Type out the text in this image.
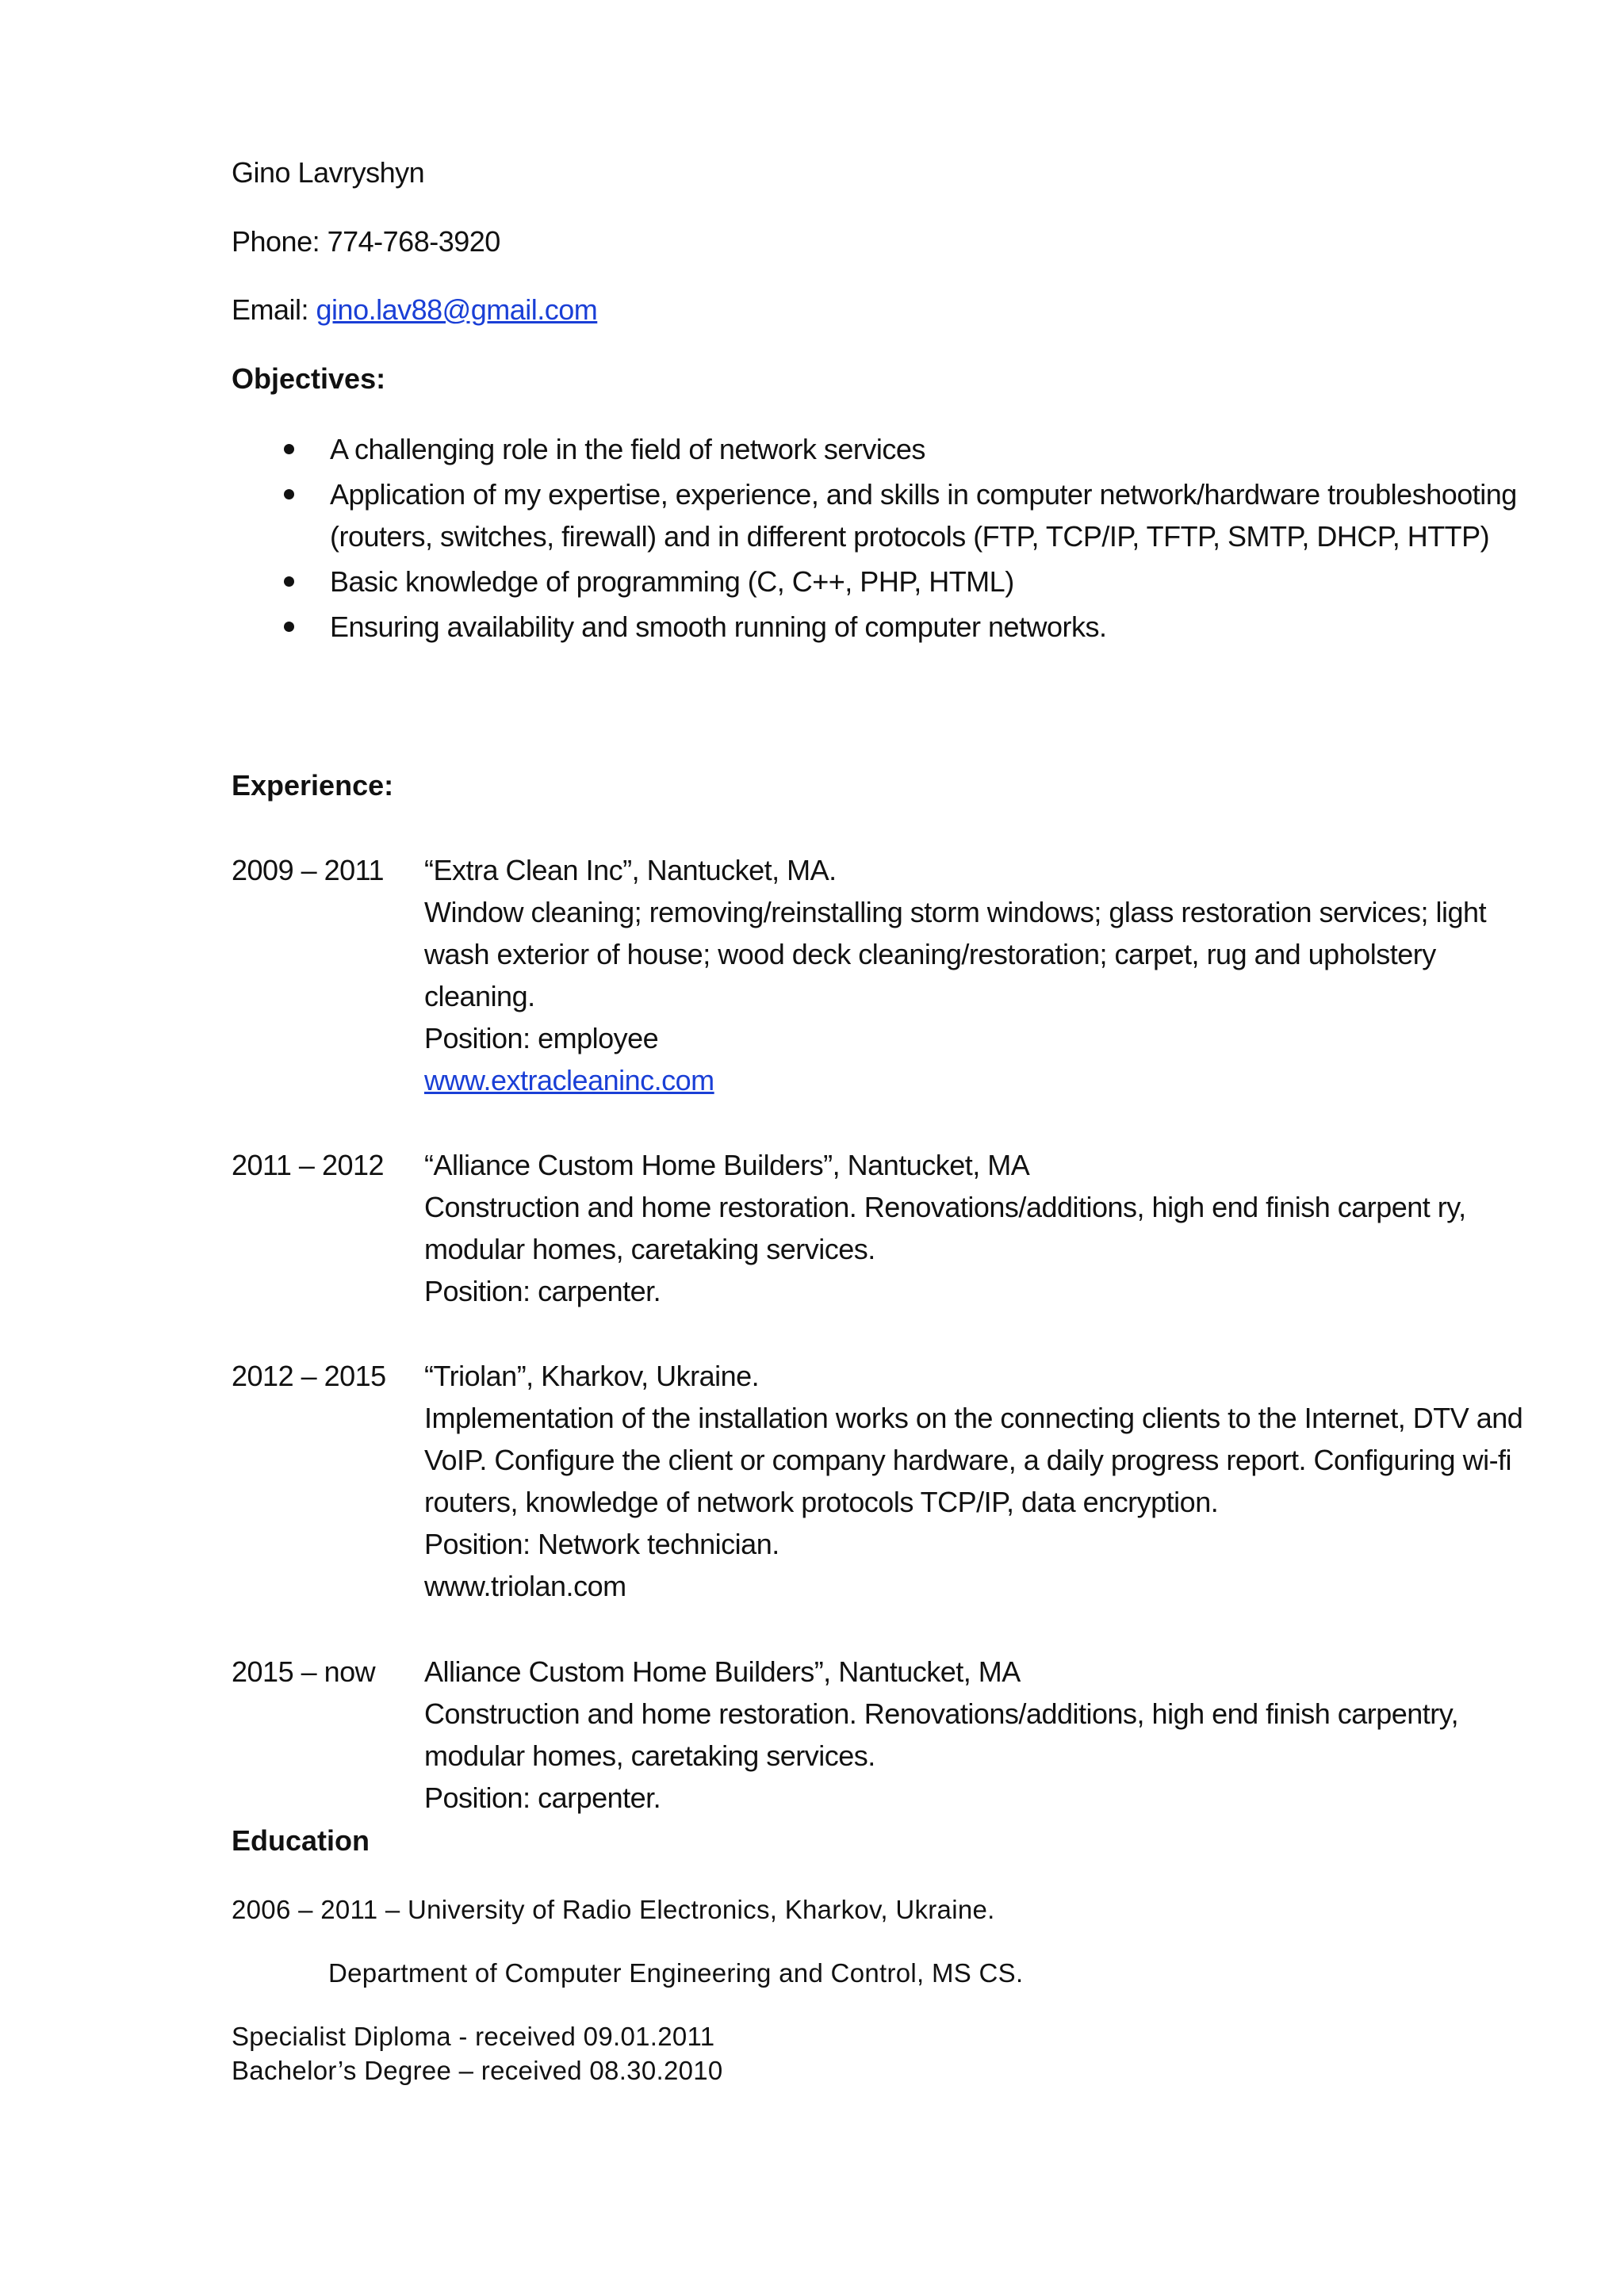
Gino Lavryshyn
Phone: 774-768-3920
Email: gino.lav88@gmail.com
Objectives:
A challenging role in the field of network services
Application of my expertise, experience, and skills in computer network/hardware troubleshooting (routers, switches, firewall) and in different protocols (FTP, TCP/IP, TFTP, SMTP, DHCP, HTTP)
Basic knowledge of programming (C, C++, PHP, HTML)
Ensuring availability and smooth running of computer networks.
Experience:
2009 – 2011 “Extra Clean Inc”, Nantucket, MA.
Window cleaning; removing/reinstalling storm windows; glass restoration services; light wash exterior of house; wood deck cleaning/restoration; carpet, rug and upholstery cleaning.
Position: employee
www.extracleaninc.com
2011 – 2012 “Alliance Custom Home Builders”, Nantucket, MA
Construction and home restoration. Renovations/additions, high end finish carpent ry, modular homes, caretaking services.
Position: carpenter.
2012 – 2015 “Triolan”, Kharkov, Ukraine.
Implementation of the installation works on the connecting clients to the Internet, DTV and VoIP. Configure the client or company hardware, a daily progress report. Configuring wi-fi routers, knowledge of network protocols TCP/IP, data encryption.
Position: Network technician.
www.triolan.com
2015 – now Alliance Custom Home Builders”, Nantucket, MA
Construction and home restoration. Renovations/additions, high end finish carpentry, modular homes, caretaking services.
Position: carpenter.
Education
2006 – 2011 – University of Radio Electronics, Kharkov, Ukraine.
Department of Computer Engineering and Control, MS CS.
Specialist Diploma - received 09.01.2011
Bachelor’s Degree – received 08.30.2010
